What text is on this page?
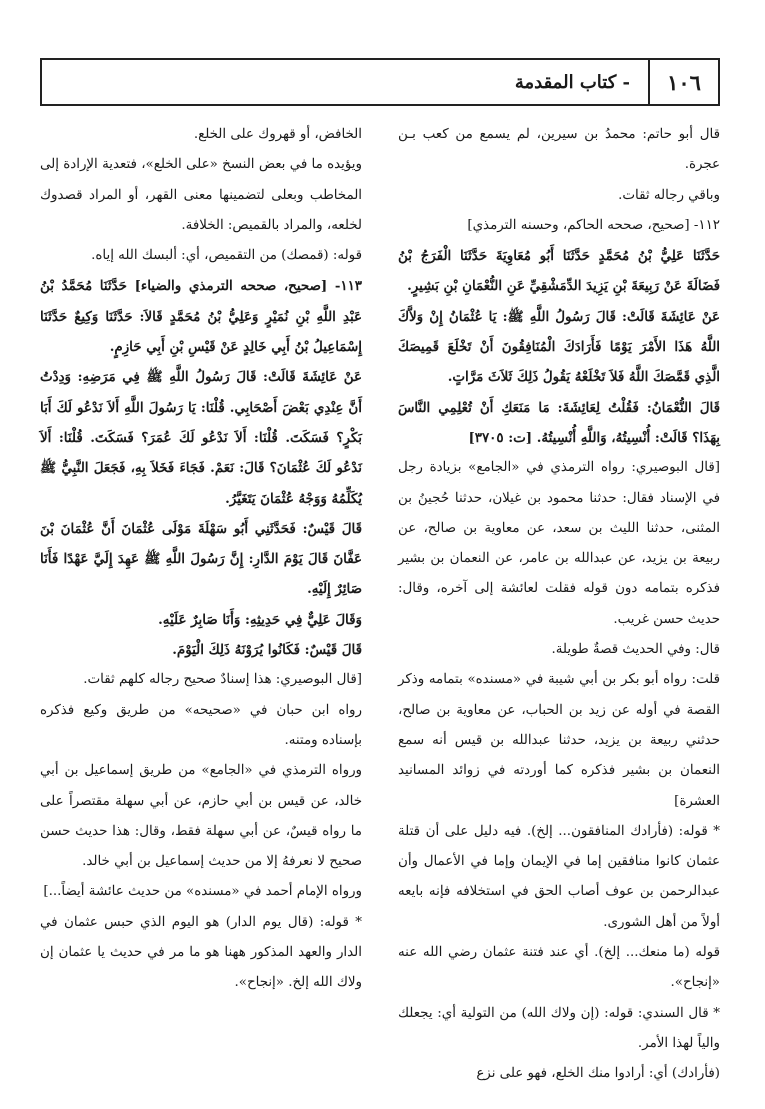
١٠٦
- كتاب المقدمة

قال أبو حاتم: محمدُ بن سيرين، لم يسمع من كعب بـن عجرة.

وباقي رجاله ثقات.

١١٢- [صحيح، صححه الحاكم، وحسنه الترمذي]

حَدَّثَنَا عَلِيُّ بْنُ مُحَمَّدٍ حَدَّثَنَا أَبُو مُعَاوِيَةَ حَدَّثَنَا الْفَرَجُ بْنُ فَضَالَةَ عَنْ رَبِيعَةَ بْنِ يَزِيدَ الدِّمَشْقِيِّ عَنِ النُّعْمَانِ بْنِ بَشِيرٍ.

عَنْ عَائِشَةَ قَالَتْ: قَالَ رَسُولُ اللَّهِ ﷺ: يَا عُثْمَانُ إِنْ وَلاَّكَ اللَّهُ هَذَا الأَمْرَ يَوْمًا فَأَرَادَكَ الْمُنَافِقُونَ أَنْ تَخْلَعَ قَمِيصَكَ الَّذِي قَمَّصَكَ اللَّهُ فَلاَ تَخْلَعْهُ يَقُولُ ذَلِكَ ثَلاَثَ مَرَّاتٍ.

قَالَ النُّعْمَانُ: فَقُلْتُ لِعَائِشَةَ: مَا مَنَعَكِ أَنْ تُعْلِمِي النَّاسَ بِهَذَا؟ قَالَتْ: أُنْسِيتُهُ، وَاللَّهِ أُنْسِيتُهُ. [ت: ٣٧٠٥]

[قال البوصيري: رواه الترمذي في «الجامع» بزيادة رجل في الإسناد فقال: حدثنا محمود بن غيلان، حدثنا حُجينُ بن المثنى، حدثنا الليث بن سعد، عن معاوية بن صالح، عن ربيعة بن يزيد، عن عبدالله بن عامر، عن النعمان بن بشير فذكره بتمامه دون قوله فقلت لعائشة إلى آخره، وقال: حديث حسن غريب.

قال: وفي الحديث قصةٌ طويلة.

قلت: رواه أبو بكر بن أبي شيبة في «مسنده» بتمامه وذكر القصة في أوله عن زيد بن الحباب، عن معاوية بن صالح، حدثني ربيعة بن يزيد، حدثنا عبدالله بن قيس أنه سمع النعمان بن بشير فذكره كما أوردته في زوائد المسانيد العشرة]

* قوله: (فأرادك المنافقون... إلخ). فيه دليل على أن قتلة عثمان كانوا منافقين إما في الإيمان وإما في الأعمال وأن عبدالرحمن بن عوف أصاب الحق في استخلافه فإنه بايعه أولاً من أهل الشورى.

قوله (ما منعك... إلخ). أي عند فتنة عثمان رضي الله عنه «إنجاح».

* قال السندي: قوله: (إن ولاك الله) من التولية أي: يجعلك والياً لهذا الأمر.

(فأرادك) أي: أرادوا منك الخلع، فهو على نزع

الخافض، أو قهروك على الخلع.

ويؤيده ما في بعض النسخ «على الخلع»، فتعدية الإرادة إلى المخاطب وبعلى لتضمينها معنى القهر، أو المراد قصدوك لخلعه، والمراد بالقميص: الخلافة.

قوله: (قمصك) من التقميص، أي: ألبسك الله إياه.

١١٣- [صحيح، صححه الترمذي والضياء] حَدَّثَنَا مُحَمَّدُ بْنُ عَبْدِ اللَّهِ بْنِ نُمَيْرٍ وَعَلِيُّ بْنُ مُحَمَّدٍ قَالاَ: حَدَّثَنَا وَكِيعٌ حَدَّثَنَا إِسْمَاعِيلُ بْنُ أَبِي خَالِدٍ عَنْ قَيْسِ بْنِ أَبِي حَازِمٍ.

عَنْ عَائِشَةَ قَالَتْ: قَالَ رَسُولُ اللَّهِ ﷺ فِي مَرَضِهِ: وَدِدْتُ أَنَّ عِنْدِي بَعْضَ أَصْحَابِي. قُلْنَا: يَا رَسُولَ اللَّهِ أَلاَ نَدْعُو لَكَ أَبَا بَكْرٍ؟ فَسَكَتَ. قُلْنَا: أَلاَ نَدْعُو لَكَ عُمَرَ؟ فَسَكَتَ. قُلْنَا: أَلاَ نَدْعُو لَكَ عُثْمَانَ؟ قَالَ: نَعَمْ. فَجَاءَ فَخَلاَ بِهِ، فَجَعَلَ النَّبِيُّ ﷺ يُكَلِّمُهُ وَوَجْهُ عُثْمَانَ يَتَغَيَّرُ.

قَالَ قَيْسٌ: فَحَدَّثَنِي أَبُو سَهْلَةَ مَوْلَى عُثْمَانَ أَنَّ عُثْمَانَ بْنَ عَفَّانَ قَالَ يَوْمَ الدَّارِ: إِنَّ رَسُولَ اللَّهِ ﷺ عَهِدَ إِلَيَّ عَهْدًا فَأَنَا صَائِرٌ إِلَيْهِ.

وَقَالَ عَلِيٌّ فِي حَدِيثِهِ: وَأَنَا صَابِرٌ عَلَيْهِ.

قَالَ قَيْسٌ: فَكَانُوا يُرَوْنَهُ ذَلِكَ الْيَوْمَ.

[قال البوصيري: هذا إسنادٌ صحيح رجاله كلهم ثقات.

رواه ابن حبان في «صحيحه» من طريق وكيع فذكره بإسناده ومتنه.

ورواه الترمذي في «الجامع» من طريق إسماعيل بن أبي خالد، عن قيس بن أبي حازم، عن أبي سهلة مقتصراً على ما رواه قيسٌ، عن أبي سهلة فقط، وقال: هذا حديث حسن صحيح لا نعرفهُ إلا من حديث إسماعيل بن أبي خالد.

ورواه الإمام أحمد في «مسنده» من حديث عائشة أيضاً...]

* قوله: (قال يوم الدار) هو اليوم الذي حبس عثمان في الدار والعهد المذكور ههنا هو ما مر في حديث يا عثمان إن ولاك الله إلخ. «إنجاح».
